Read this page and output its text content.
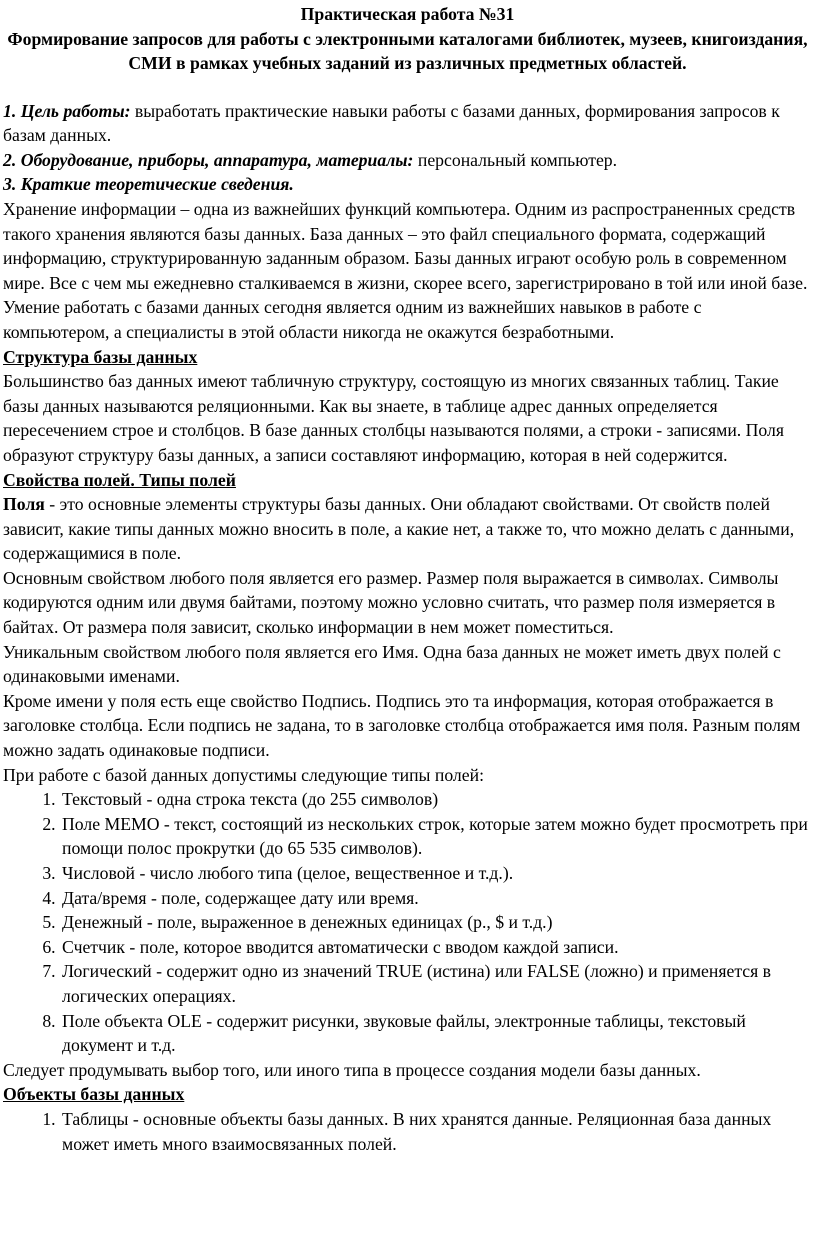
Практическая работа №31

Формирование запросов для работы с электронными каталогами библиотек, музеев, книгоиздания, СМИ в рамках учебных заданий из различных предметных областей.

1. Цель работы: выработать практические навыки работы с базами данных, формирования запросов к базам данных.

2. Оборудование, приборы, аппаратура, материалы: персональный компьютер.

3. Краткие теоретические сведения.

Хранение информации – одна из важнейших функций компьютера. Одним из распространенных средств такого хранения являются базы данных. База данных – это файл специального формата, содержащий информацию, структурированную заданным образом. Базы данных играют особую роль в современном мире. Все с чем мы ежедневно сталкиваемся в жизни, скорее всего, зарегистрировано в той или иной базе. Умение работать с базами данных сегодня является одним из важнейших навыков в работе с компьютером, а специалисты в этой области никогда не окажутся безработными.

Структура базы данных

Большинство баз данных имеют табличную структуру, состоящую из многих связанных таблиц. Такие базы данных называются реляционными. Как вы знаете, в таблице адрес данных определяется пересечением строе и столбцов. В базе данных столбцы называются полями, а строки - записями. Поля образуют структуру базы данных, а записи составляют информацию, которая в ней содержится.

Свойства полей. Типы полей

Поля - это основные элементы структуры базы данных. Они обладают свойствами. От свойств полей зависит, какие типы данных можно вносить в поле, а какие нет, а также то, что можно делать с данными, содержащимися в поле.

Основным свойством любого поля является его размер. Размер поля выражается в символах. Символы кодируются одним или двумя байтами, поэтому можно условно считать, что размер поля измеряется в байтах. От размера поля зависит, сколько информации в нем может поместиться.

Уникальным свойством любого поля является его Имя. Одна база данных не может иметь двух полей с одинаковыми именами.

Кроме имени у поля есть еще свойство Подпись. Подпись это та информация, которая отображается в заголовке столбца. Если подпись не задана, то в заголовке столбца отображается имя поля. Разным полям можно задать одинаковые подписи.

При работе с базой данных допустимы следующие типы полей:

1. Текстовый - одна строка текста (до 255 символов)
2. Поле MEMO - текст, состоящий из нескольких строк, которые затем можно будет просмотреть при помощи полос прокрутки (до 65 535 символов).
3. Числовой - число любого типа (целое, вещественное и т.д.).
4. Дата/время - поле, содержащее дату или время.
5. Денежный - поле, выраженное в денежных единицах (р., $ и т.д.)
6. Счетчик - поле, которое вводится автоматически с вводом каждой записи.
7. Логический - содержит одно из значений TRUE (истина) или FALSE (ложно) и применяется в логических операциях.
8. Поле объекта OLE - содержит рисунки, звуковые файлы, электронные таблицы, текстовый документ и т.д.

Следует продумывать выбор того, или иного типа в процессе создания модели базы данных.

Объекты базы данных

1. Таблицы - основные объекты базы данных. В них хранятся данные. Реляционная база данных может иметь много взаимосвязанных полей.
